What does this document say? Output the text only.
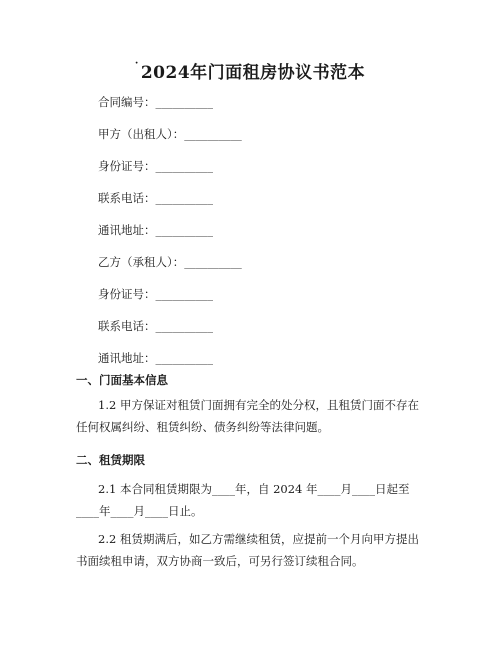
· 2024年门面租房协议书范本
合同编号：__________
甲方（出租人）：__________
身份证号：__________
联系电话：__________
通讯地址：__________
乙方（承租人）：__________
身份证号：__________
联系电话：__________
通讯地址：__________
一、门面基本信息
1.2 甲方保证对租赁门面拥有完全的处分权，且租赁门面不存在任何权属纠纷、租赁纠纷、债务纠纷等法律问题。
二、租赁期限
2.1 本合同租赁期限为____年，自 2024 年____月____日起至____年____月____日止。
2.2 租赁期满后，如乙方需继续租赁，应提前一个月向甲方提出书面续租申请，双方协商一致后，可另行签订续租合同。
